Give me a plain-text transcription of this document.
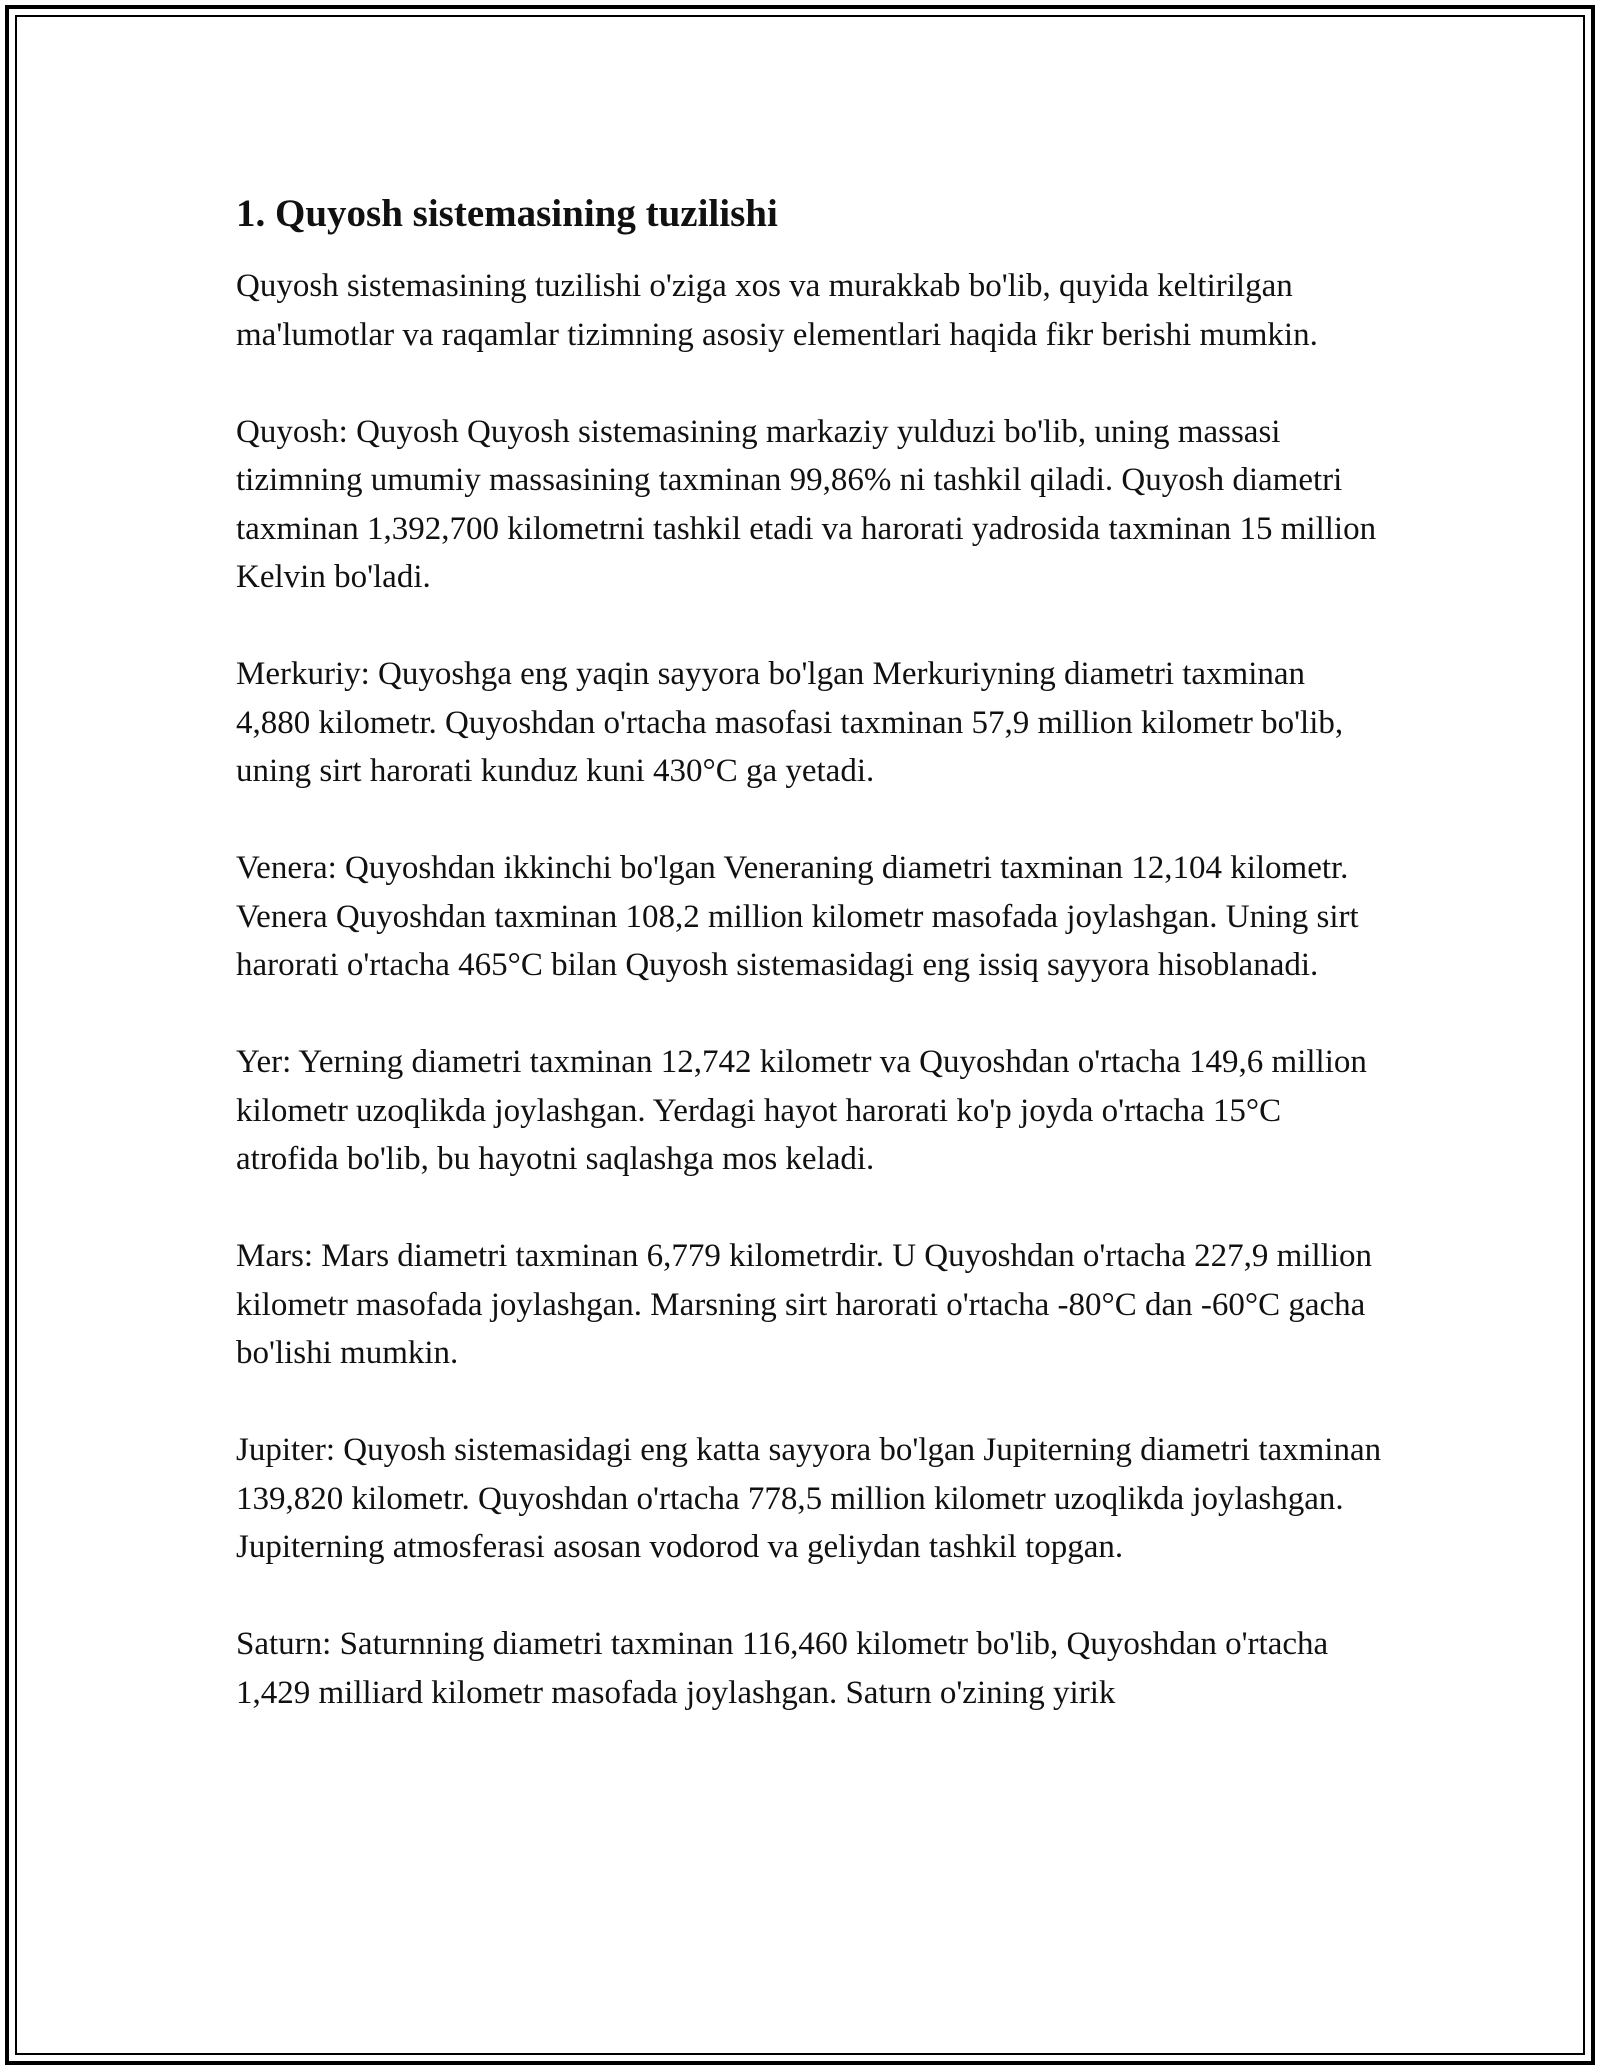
1. Quyosh sistemasining tuzilishi

Quyosh sistemasining tuzilishi o'ziga xos va murakkab bo'lib, quyida keltirilgan ma'lumotlar va raqamlar tizimning asosiy elementlari haqida fikr berishi mumkin.

Quyosh: Quyosh Quyosh sistemasining markaziy yulduzi bo'lib, uning massasi tizimning umumiy massasining taxminan 99,86% ni tashkil qiladi. Quyosh diametri taxminan 1,392,700 kilometrni tashkil etadi va harorati yadrosida taxminan 15 million Kelvin bo'ladi.

Merkuriy: Quyoshga eng yaqin sayyora bo'lgan Merkuriyning diametri taxminan 4,880 kilometr. Quyoshdan o'rtacha masofasi taxminan 57,9 million kilometr bo'lib, uning sirt harorati kunduz kuni 430°C ga yetadi.

Venera: Quyoshdan ikkinchi bo'lgan Veneraning diametri taxminan 12,104 kilometr. Venera Quyoshdan taxminan 108,2 million kilometr masofada joylashgan. Uning sirt harorati o'rtacha 465°C bilan Quyosh sistemasidagi eng issiq sayyora hisoblanadi.

Yer: Yerning diametri taxminan 12,742 kilometr va Quyoshdan o'rtacha 149,6 million kilometr uzoqlikda joylashgan. Yerdagi hayot harorati ko'p joyda o'rtacha 15°C atrofida bo'lib, bu hayotni saqlashga mos keladi.

Mars: Mars diametri taxminan 6,779 kilometrdir. U Quyoshdan o'rtacha 227,9 million kilometr masofada joylashgan. Marsning sirt harorati o'rtacha -80°C dan -60°C gacha bo'lishi mumkin.

Jupiter: Quyosh sistemasidagi eng katta sayyora bo'lgan Jupiterning diametri taxminan 139,820 kilometr. Quyoshdan o'rtacha 778,5 million kilometr uzoqlikda joylashgan. Jupiterning atmosferasi asosan vodorod va geliydan tashkil topgan.

Saturn: Saturnning diametri taxminan 116,460 kilometr bo'lib, Quyoshdan o'rtacha 1,429 milliard kilometr masofada joylashgan. Saturn o'zining yirik
